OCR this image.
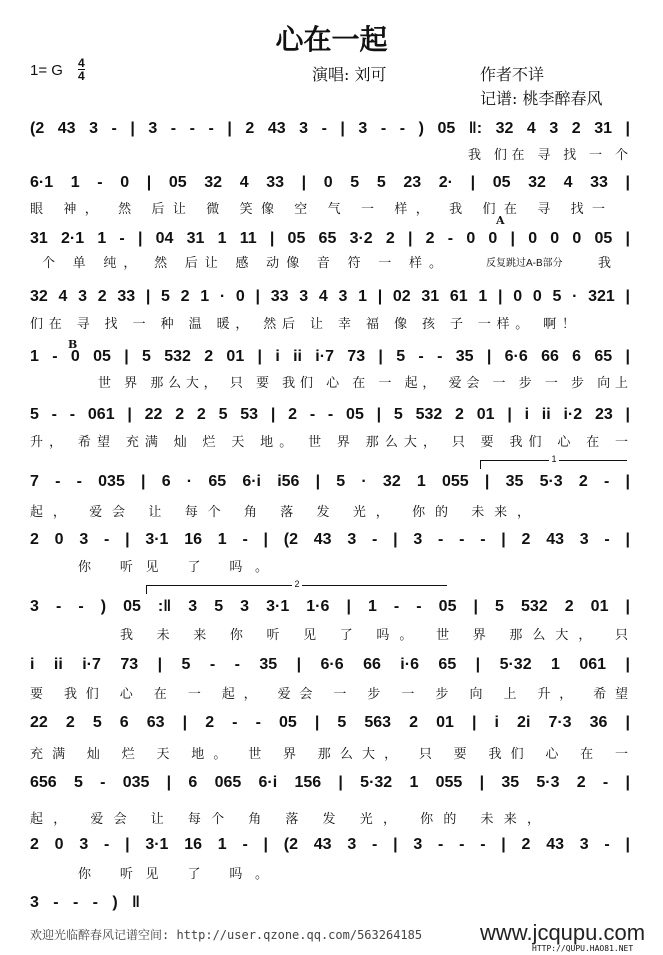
心在一起
1= G 4
4	演唱: 刘可	作者不详
记谱: 桃李醉春风
(2 43 3 - | 3 - - - | 2 43 3 - | 3 - - ) 05 ‖: 32 4 3 2 31 |
我 们在 寻 找 一 个
6·1 1 - 0 | 05 32 4 33 | 0 5 5 23 2· | 05 32 4 33 |
眼 神， 然 后让 微 笑像 空 气 一 样， 我 们在 寻 找一
31 2·1 1 - | 04 31 1 11 | 05 65 3·2 2 | 2 - 0 0 | 0 0 0 05 |
个 单 纯， 然 后让 感 动像 音 符 一 样。	我
A
反复跳过A-B部分
32 4 3 2 33 | 5 2 1 · 0 | 33 3 4 3 1 | 02 31 61 1 | 0 0 5 · 321 |
们在 寻 找 一 种 温 暖， 然后 让 幸 福 像 孩 子 一样。 啊！
B
1 - 0 05 | 5 532 2 01 | i ii i·7 73 | 5 - - 35 | 6·6 66 6 65 |
世 界 那么大， 只 要 我们 心 在 一 起， 爱会 一 步 一 步 向上
5 - - 061 | 22 2 2 5 53 | 2 - - 05 | 5 532 2 01 | i ii i·2 23 |
升， 希望 充满 灿 烂 天 地。 世 界 那么大， 只 要 我们 心 在 一
1
7 - - 035 | 6 · 65 6·i i56 | 5 · 32 1 055 | 35 5·3 2 - |
起， 爱会 让 每个 角 落 发 光， 你的 未来，
2 0 3 - | 3·1 16 1 - | (2 43 3 - | 3 - - - | 2 43 3 - |
你 听见 了 吗。
2
3 - - ) 05 :‖ 3 5 3 3·1 1·6 | 1 - - 05 | 5 532 2 01 |
我 未 来 你 听 见 了 吗。 世 界 那么大， 只
i ii i·7 73 | 5 - - 35 | 6·6 66 i·6 65 | 5·32 1 061 |
要 我们 心 在 一 起， 爱会 一 步 一 步 向 上 升， 希望
22 2 5 6 63 | 2 - - 05 | 5 563 2 01 | i 2i 7·3 36 |
充满 灿 烂 天 地。 世 界 那么大， 只 要 我们 心 在 一
656 5 - 035 | 6 065 6·i 156 | 5·32 1 055 | 35 5·3 2 - |
起， 爱会 让 每个 角 落 发 光， 你的 未来，
2 0 3 - | 3·1 16 1 - | (2 43 3 - | 3 - - - | 2 43 3 - |
你 听见 了 吗。
3 - - - ) ‖
欢迎光临醉春风记谱空间: http://user.qzone.qq.com/563264185	www.jcqupu.com
HTTP://QUPU.HAO81.NET
